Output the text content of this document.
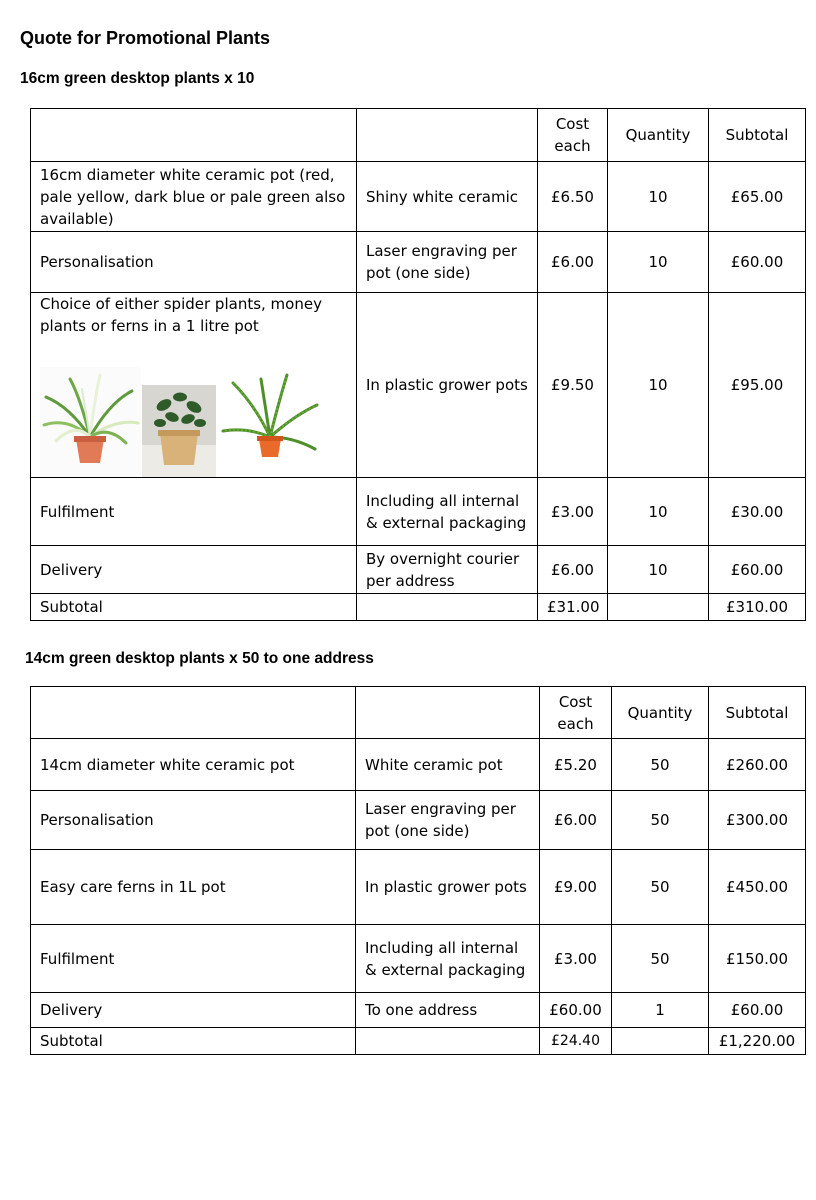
Quote for Promotional Plants
16cm green desktop plants x 10
		Cost each	Quantity	Subtotal
16cm diameter white ceramic pot (red, pale yellow, dark blue or pale green also available)	Shiny white ceramic	£6.50	10	£65.00
Personalisation	Laser engraving per pot (one side)	£6.00	10	£60.00

Choice of either spider plants, money plants or ferns in a 1 litre pot	In plastic grower pots	£9.50	10	£95.00
Fulfilment	Including all internal & external packaging	£3.00	10	£30.00
Delivery	By overnight courier per address	£6.00	10	£60.00
Subtotal		£31.00		£310.00
14cm green desktop plants x 50 to one address
		Cost each	Quantity	Subtotal
14cm diameter white ceramic pot	White ceramic pot	£5.20	50	£260.00
Personalisation	Laser engraving per pot (one side)	£6.00	50	£300.00
Easy care ferns in 1L pot	In plastic grower pots	£9.00	50	£450.00
Fulfilment	Including all internal & external packaging	£3.00	50	£150.00
Delivery	To one address	£60.00	1	£60.00
Subtotal		£24.40		£1,220.00
